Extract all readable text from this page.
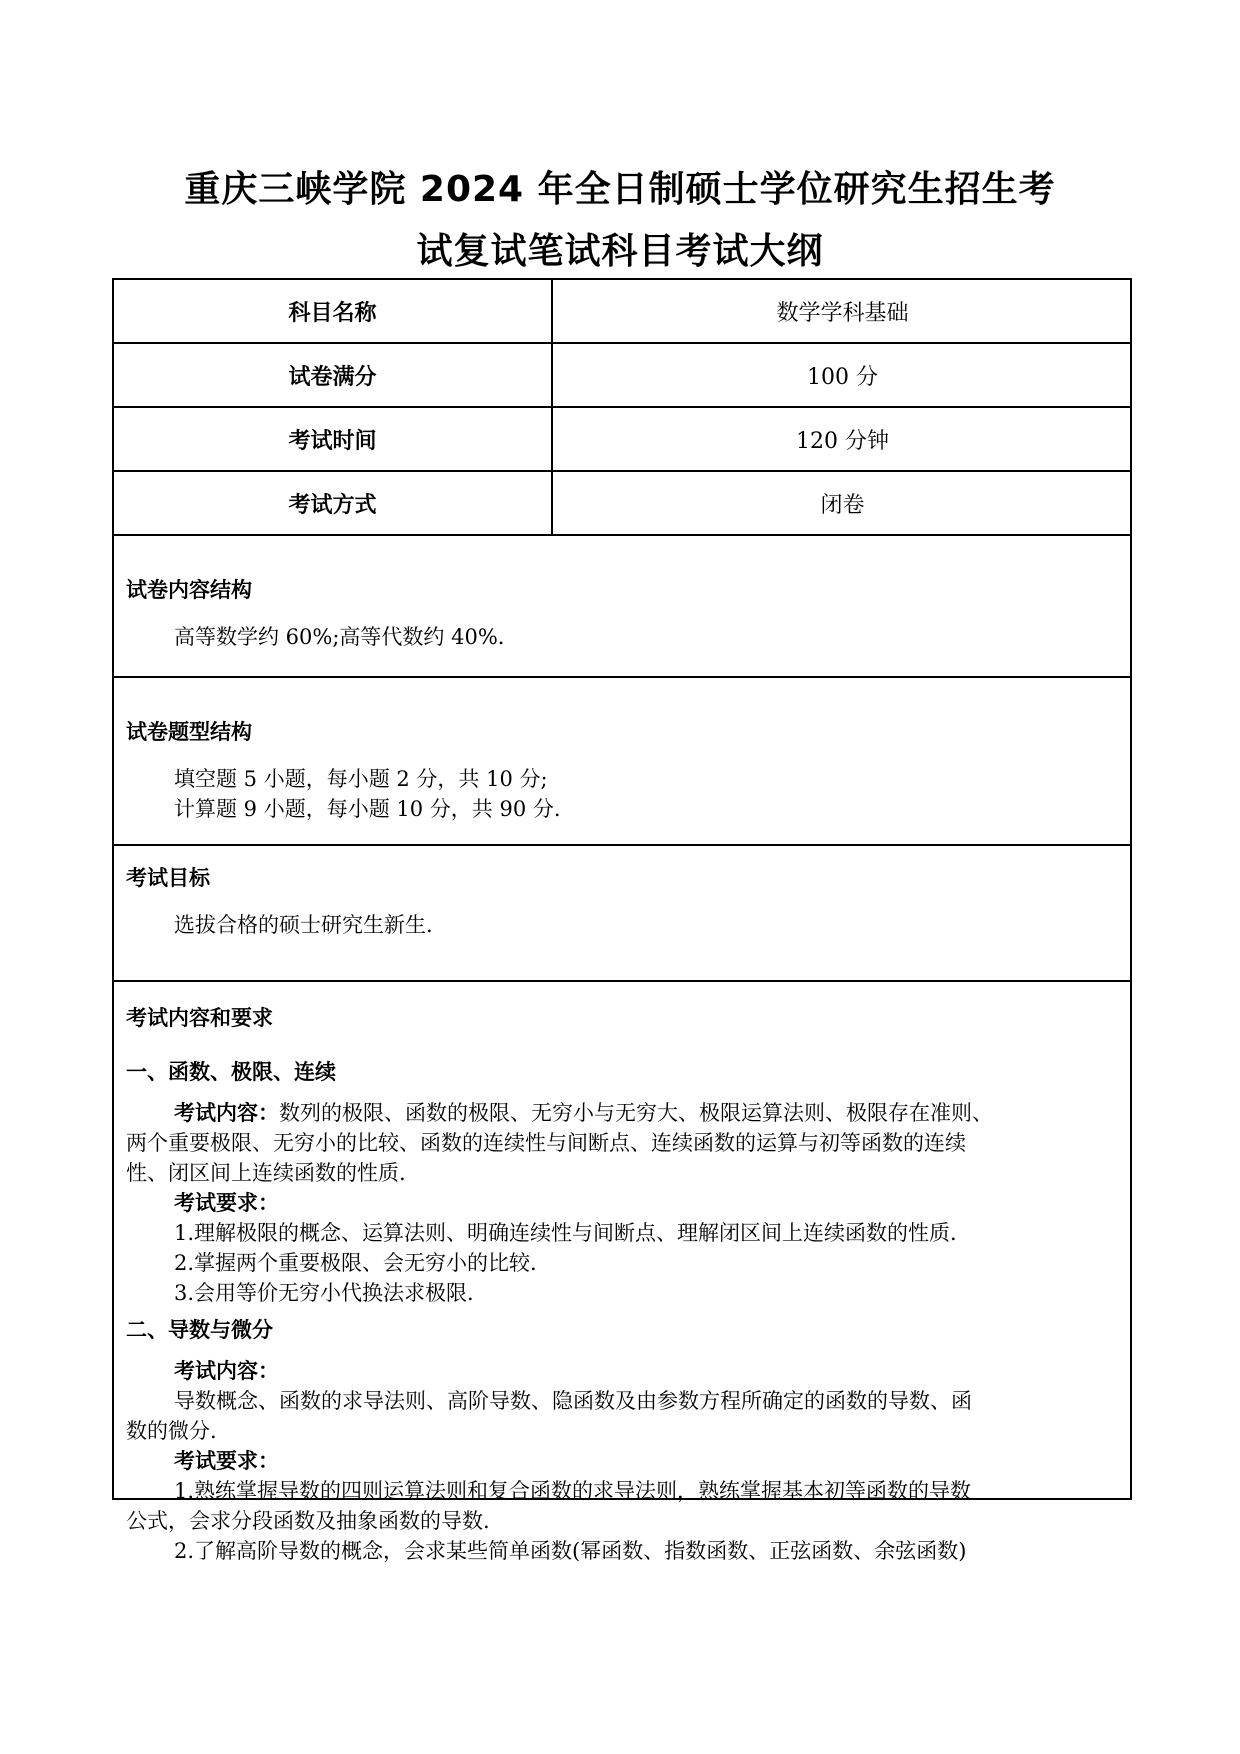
重庆三峡学院 2024 年全日制硕士学位研究生招生考
试复试笔试科目考试大纲
科目名称	数学学科基础
试卷满分	100 分
考试时间	120 分钟
考试方式	闭卷
试卷内容结构
高等数学约 60%;高等代数约 40%.
试卷题型结构
填空题 5 小题，每小题 2 分，共 10 分;
计算题 9 小题，每小题 10 分，共 90 分.
考试目标
选拔合格的硕士研究生新生.
考试内容和要求
一、函数、极限、连续
考试内容：数列的极限、函数的极限、无穷小与无穷大、极限运算法则、极限存在准则、
两个重要极限、无穷小的比较、函数的连续性与间断点、连续函数的运算与初等函数的连续
性、闭区间上连续函数的性质.
考试要求：
1.理解极限的概念、运算法则、明确连续性与间断点、理解闭区间上连续函数的性质.
2.掌握两个重要极限、会无穷小的比较.
3.会用等价无穷小代换法求极限.
二、导数与微分
考试内容：
导数概念、函数的求导法则、高阶导数、隐函数及由参数方程所确定的函数的导数、函
数的微分.
考试要求：
1.熟练掌握导数的四则运算法则和复合函数的求导法则，熟练掌握基本初等函数的导数
公式，会求分段函数及抽象函数的导数.
2.了解高阶导数的概念，会求某些简单函数(幂函数、指数函数、正弦函数、余弦函数)
